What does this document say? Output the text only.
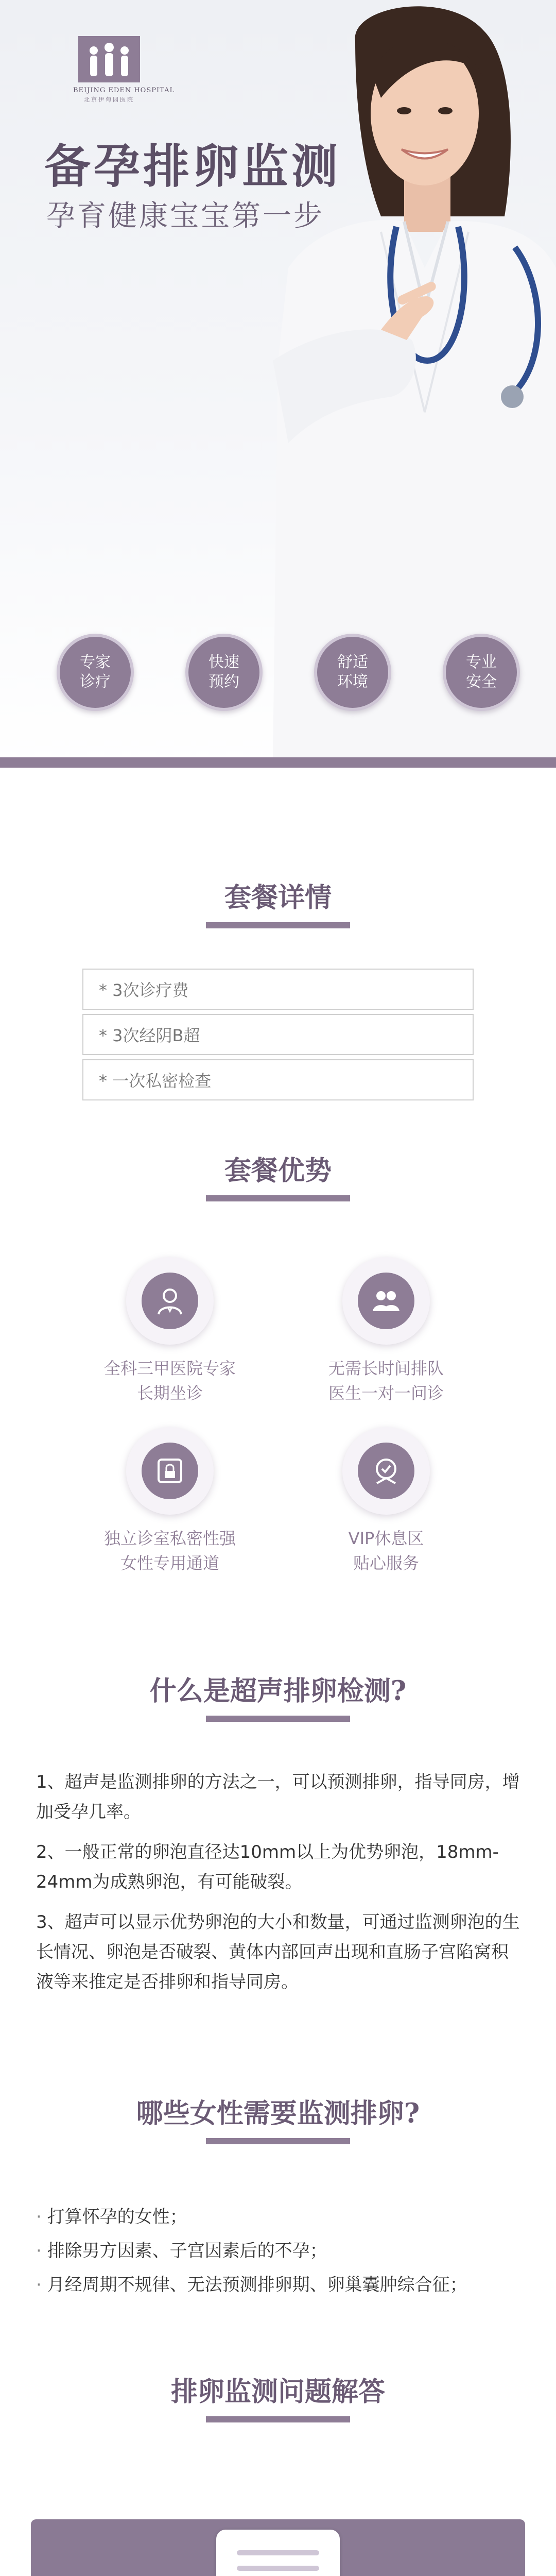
BEIJING EDEN HOSPITAL
北京伊甸园医院
备孕排卵监测
孕育健康宝宝第一步
专家诊疗
快速预约
舒适环境
专业安全
套餐详情
* 3次诊疗费
* 3次经阴B超
* 一次私密检查
套餐优势
全科三甲医院专家
长期坐诊
无需长时间排队
医生一对一问诊
独立诊室私密性强
女性专用通道
VIP休息区
贴心服务
什么是超声排卵检测?

1、超声是监测排卵的方法之一，可以预测排卵，指导同房，增加受孕几率。

2、一般正常的卵泡直径达10mm以上为优势卵泡，18mm-24mm为成熟卵泡，有可能破裂。

3、超声可以显示优势卵泡的大小和数量，可通过监测卵泡的生长情况、卵泡是否破裂、黄体内部回声出现和直肠子宫陷窝积液等来推定是否排卵和指导同房。

哪些女性需要监测排卵?
· 打算怀孕的女性；
· 排除男方因素、子宫因素后的不孕；
· 月经周期不规律、无法预测排卵期、卵巢囊肿综合征；
排卵监测问题解答
